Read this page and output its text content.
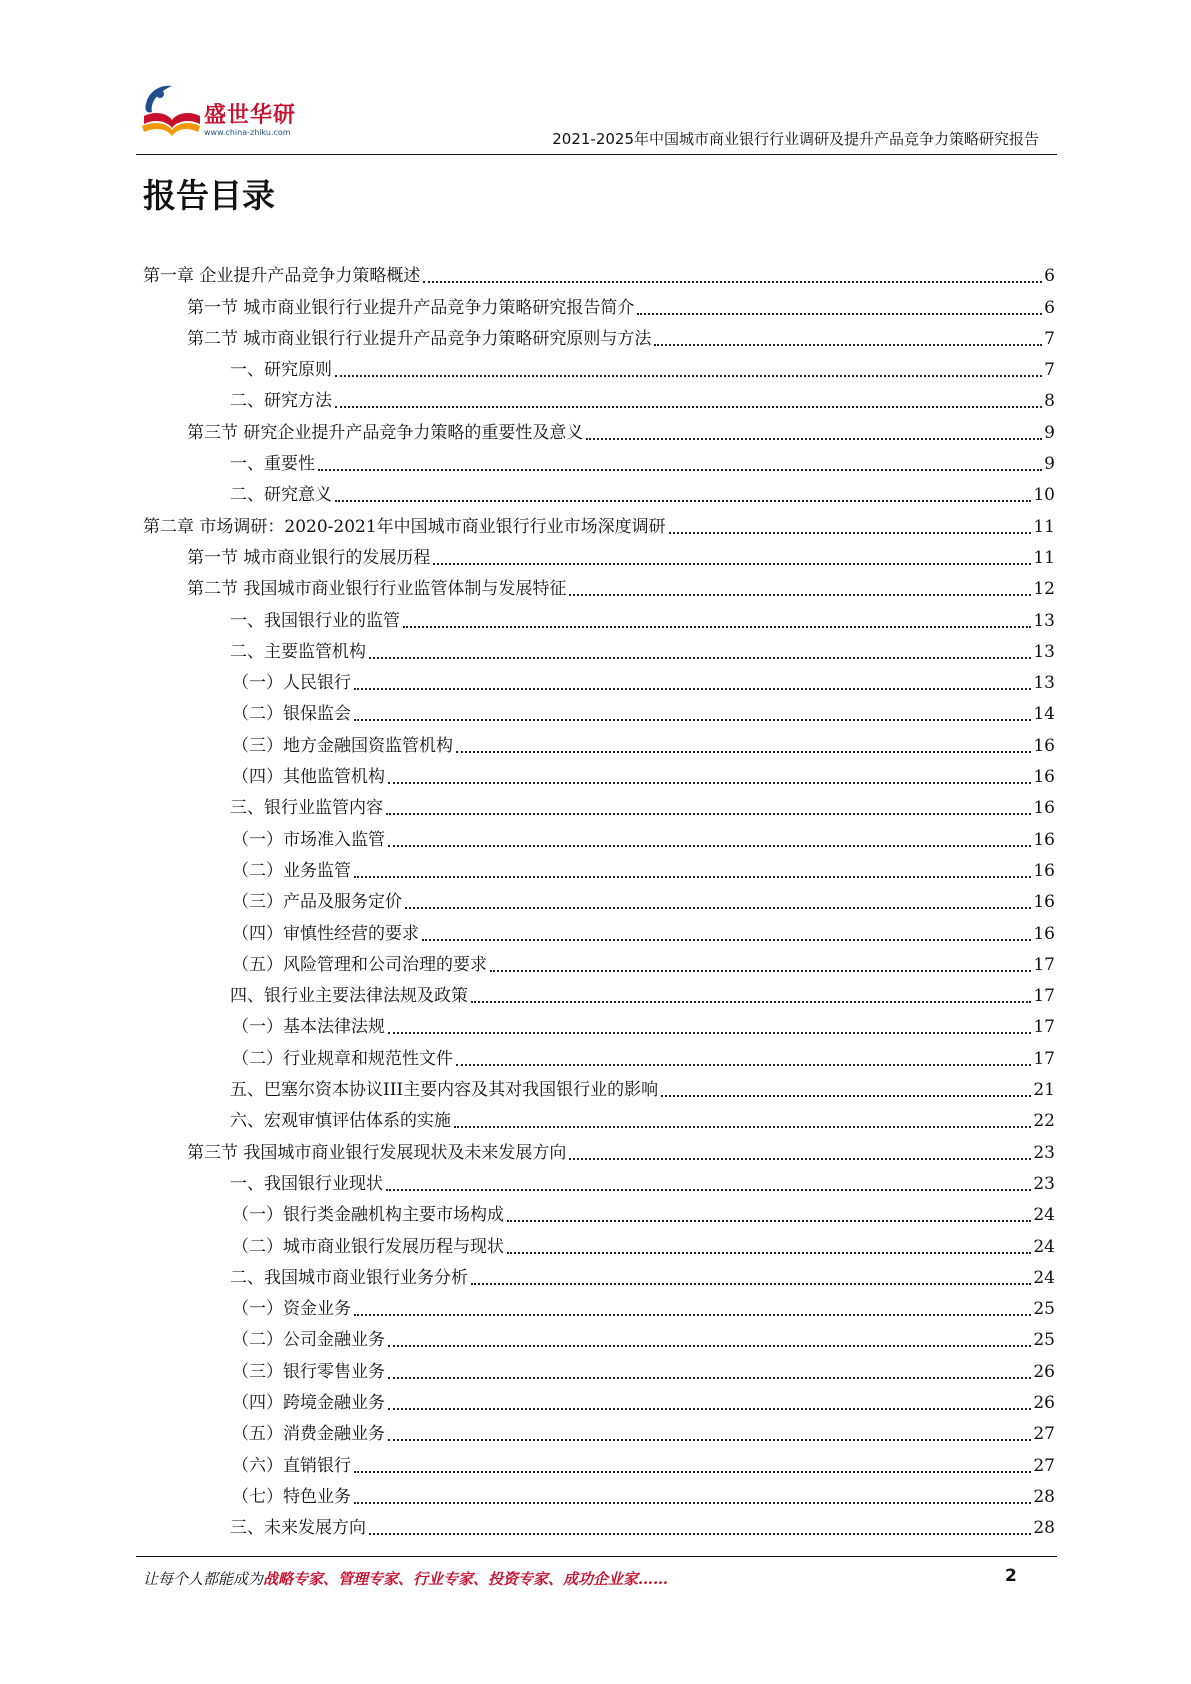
盛世华研
www.china-zhiku.com	2021-2025年中国城市商业银行行业调研及提升产品竞争力策略研究报告
报告目录
第一章 企业提升产品竞争力策略概述	6
第一节 城市商业银行行业提升产品竞争力策略研究报告简介	6
第二节 城市商业银行行业提升产品竞争力策略研究原则与方法	7
一、研究原则	7
二、研究方法	8
第三节 研究企业提升产品竞争力策略的重要性及意义	9
一、重要性	9
二、研究意义	10
第二章 市场调研：2020-2021年中国城市商业银行行业市场深度调研	11
第一节 城市商业银行的发展历程	11
第二节 我国城市商业银行行业监管体制与发展特征	12
一、我国银行业的监管	13
二、主要监管机构	13
（一）人民银行	13
（二）银保监会	14
（三）地方金融国资监管机构	16
（四）其他监管机构	16
三、银行业监管内容	16
（一）市场准入监管	16
（二）业务监管	16
（三）产品及服务定价	16
（四）审慎性经营的要求	16
（五）风险管理和公司治理的要求	17
四、银行业主要法律法规及政策	17
（一）基本法律法规	17
（二）行业规章和规范性文件	17
五、巴塞尔资本协议III主要内容及其对我国银行业的影响	21
六、宏观审慎评估体系的实施	22
第三节 我国城市商业银行发展现状及未来发展方向	23
一、我国银行业现状	23
（一）银行类金融机构主要市场构成	24
（二）城市商业银行发展历程与现状	24
二、我国城市商业银行业务分析	24
（一）资金业务	25
（二）公司金融业务	25
（三）银行零售业务	26
（四）跨境金融业务	26
（五）消费金融业务	27
（六）直销银行	27
（七）特色业务	28
三、未来发展方向	28
让每个人都能成为战略专家、管理专家、行业专家、投资专家、成功企业家……	2
